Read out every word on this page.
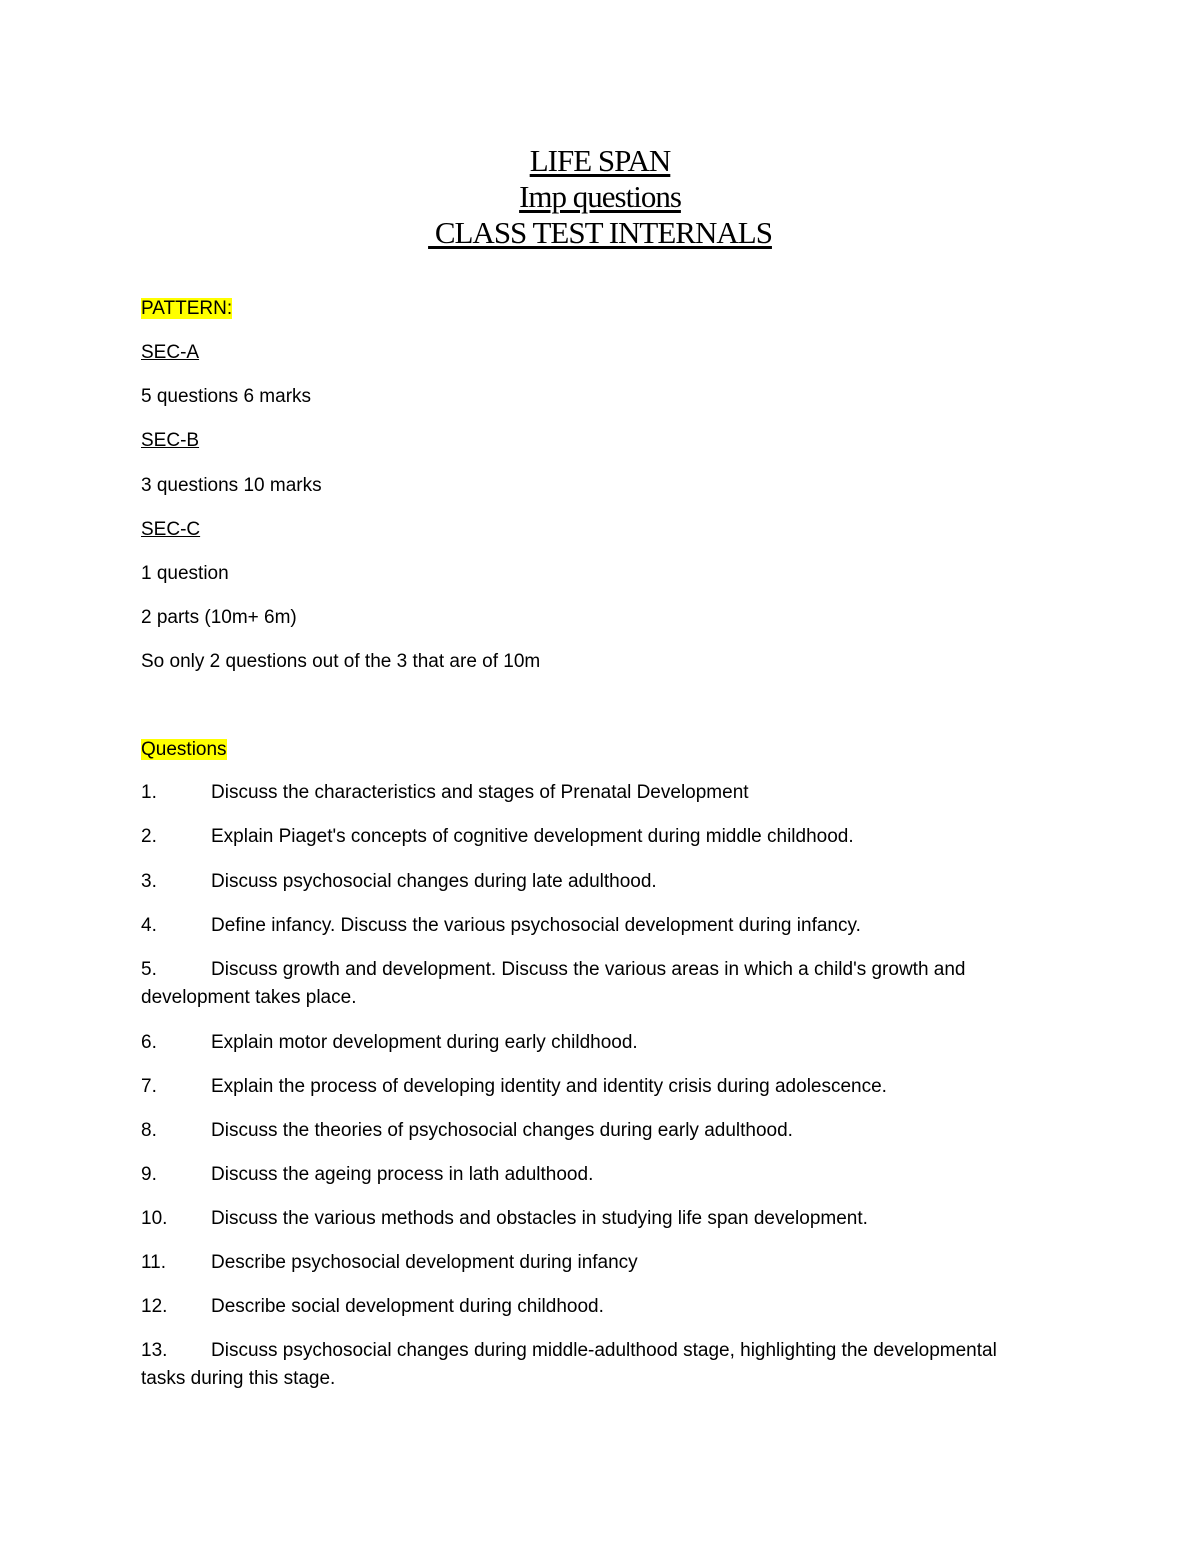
LIFE SPAN
Imp questions
CLASS TEST INTERNALS
PATTERN:
SEC-A
5 questions 6 marks
SEC-B
3 questions 10 marks
SEC-C
1 question
2 parts (10m+ 6m)
So only 2 questions out of the 3 that are of 10m
Questions
1.	Discuss the characteristics and stages of Prenatal Development
2.	Explain Piaget's concepts of cognitive development during middle childhood.
3.	Discuss psychosocial changes during late adulthood.
4.	Define infancy. Discuss the various psychosocial development during infancy.
5.	Discuss growth and development. Discuss the various areas in which a child's growth and development takes place.
6.	Explain motor development during early childhood.
7.	Explain the process of developing identity and identity crisis during adolescence.
8.	Discuss the theories of psychosocial changes during early adulthood.
9.	Discuss the ageing process in lath adulthood.
10. Discuss the various methods and obstacles in studying life span development.
11. Describe psychosocial development during infancy
12. Describe social development during childhood.
13. Discuss psychosocial changes during middle-adulthood stage, highlighting the developmental tasks during this stage.
